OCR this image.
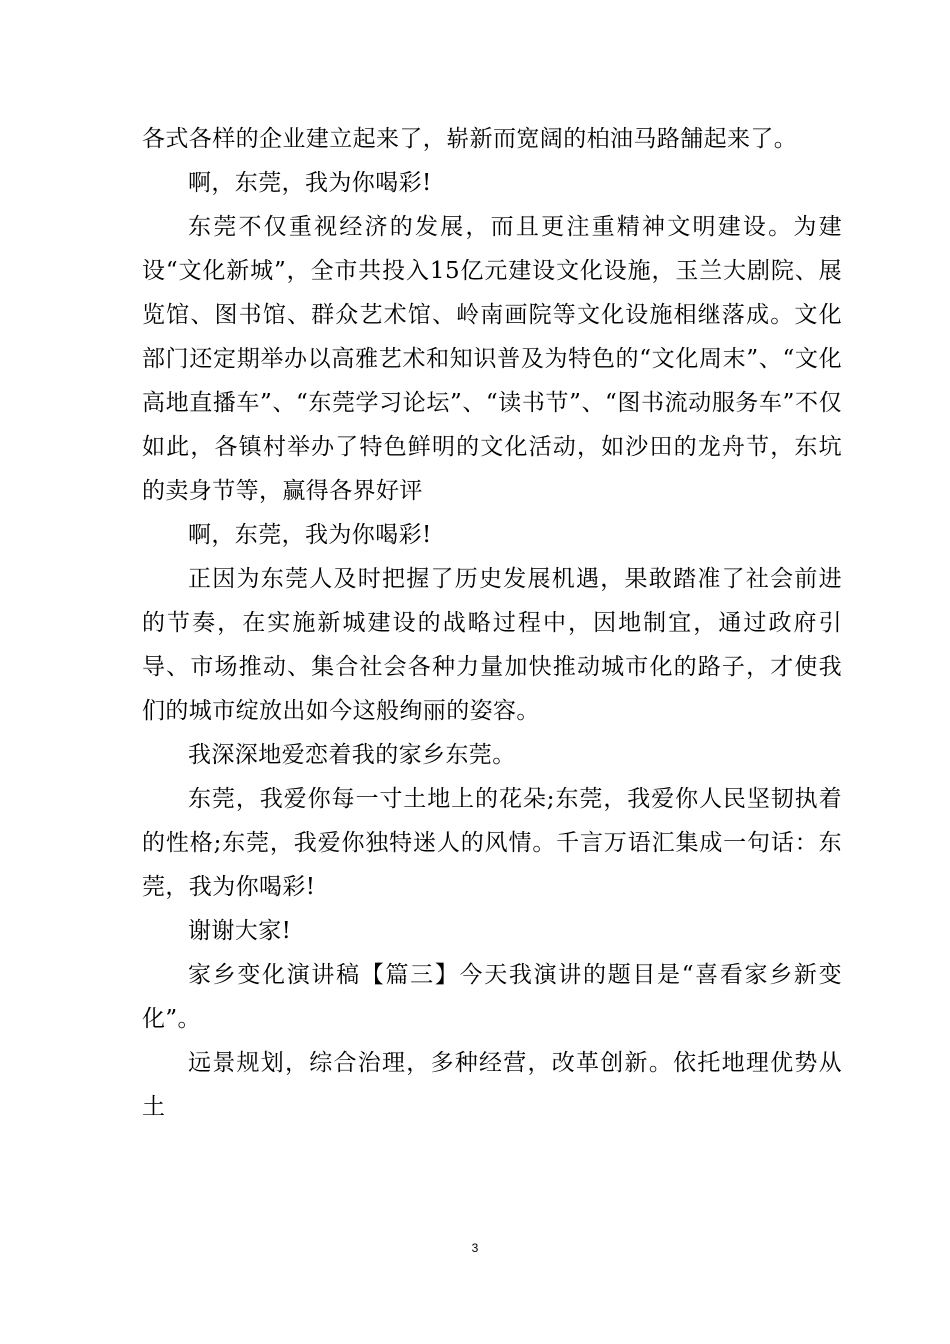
各式各样的企业建立起来了，崭新而宽阔的柏油马路舗起来了。

啊，东莞，我为你喝彩!

东莞不仅重视经济的发展，而且更注重精神文明建设。为建设“文化新城”，全市共投入15亿元建设文化设施，玉兰大剧院、展览馆、图书馆、群众艺术馆、岭南画院等文化设施相继落成。文化部门还定期举办以高雅艺术和知识普及为特色的“文化周末”、“文化高地直播车”、“东莞学习论坛”、“读书节”、“图书流动服务车”不仅如此，各镇村举办了特色鲜明的文化活动，如沙田的龙舟节，东坑的卖身节等，赢得各界好评

啊，东莞，我为你喝彩!

正因为东莞人及时把握了历史发展机遇，果敢踏准了社会前进的节奏，在实施新城建设的战略过程中，因地制宜，通过政府引导、市场推动、集合社会各种力量加快推动城市化的路子，才使我们的城市绽放出如今这般绚丽的姿容。

我深深地爱恋着我的家乡东莞。

东莞，我爱你每一寸土地上的花朵;东莞，我爱你人民坚韧执着的性格;东莞，我爱你独特迷人的风情。千言万语汇集成一句话：东莞，我为你喝彩!

谢谢大家!

家乡变化演讲稿【篇三】今天我演讲的题目是“喜看家乡新变化”。

远景规划，综合治理，多种经营，改革创新。依托地理优势从土

3
